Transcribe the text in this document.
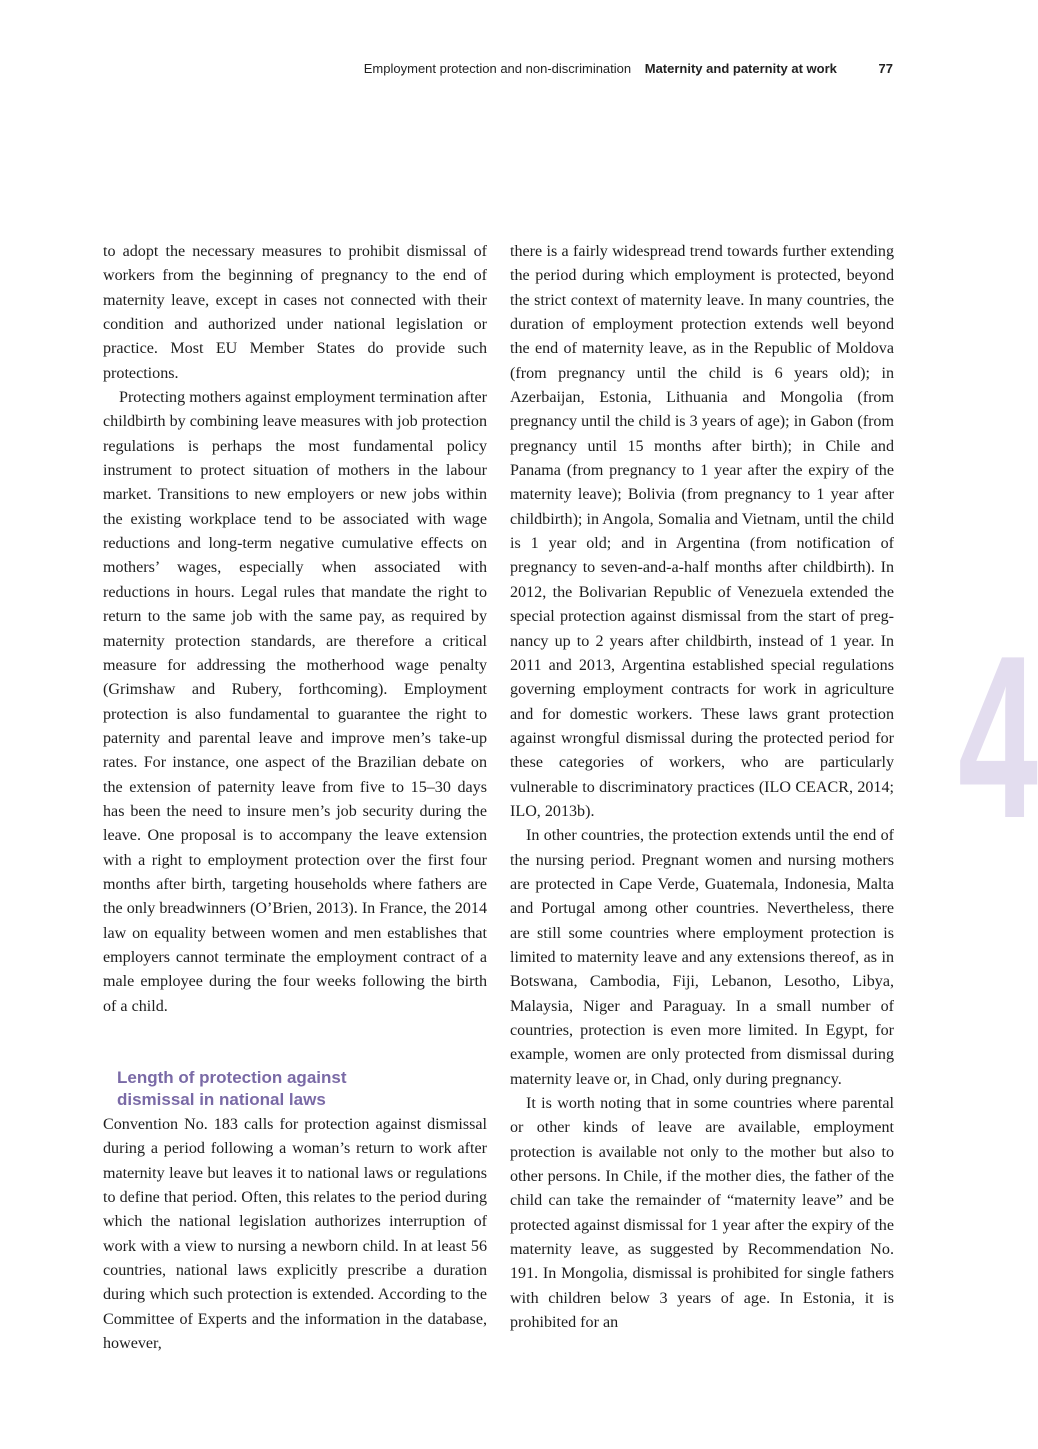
Employment protection and non-discrimination Maternity and paternity at work	77

to adopt the necessary measures to prohibit dismissal of workers from the beginning of pregnancy to the end of maternity leave, except in cases not connected with their condition and authorized under national legislation or practice. Most EU Member States do provide such protections.

Protecting mothers against employment termination after childbirth by combining leave measures with job protection regulations is perhaps the most fundamental policy instrument to protect situation of mothers in the labour market. Transitions to new employers or new jobs within the existing workplace tend to be associated with wage reductions and long-term negative cumulative effects on mothers’ wages, especially when associated with reductions in hours. Legal rules that mandate the right to return to the same job with the same pay, as required by maternity protection standards, are therefore a critical measure for addressing the motherhood wage penalty (Grimshaw and Rubery, forthcoming). Employment protection is also fundamental to guarantee the right to paternity and parental leave and improve men’s take-up rates. For instance, one aspect of the Brazilian debate on the extension of paternity leave from five to 15–30 days has been the need to insure men’s job security during the leave. One proposal is to accompany the leave extension with a right to employment protection over the first four months after birth, targeting households where fathers are the only breadwinners (O’Brien, 2013). In France, the 2014 law on equality between women and men establishes that employers cannot terminate the employment contract of a male employee during the four weeks following the birth of a child.

Length of protection against
dismissal in national laws

Convention No. 183 calls for protection against dismissal during a period following a woman’s return to work after maternity leave but leaves it to national laws or regulations to define that period. Often, this relates to the period during which the national legislation authorizes interruption of work with a view to nursing a newborn child. In at least 56 countries, national laws explicitly prescribe a duration during which such protection is extended. According to the Committee of Experts and the information in the database, however,

there is a fairly widespread trend towards further extending the period during which employment is protected, beyond the strict context of maternity leave. In many countries, the duration of employment protection extends well beyond the end of maternity leave, as in the Republic of Moldova (from pregnancy until the child is 6 years old); in Azerbaijan, Estonia, Lithuania and Mongolia (from pregnancy until the child is 3 years of age); in Gabon (from pregnancy until 15 months after birth); in Chile and Panama (from pregnancy to 1 year after the expiry of the maternity leave); Bolivia (from pregnancy to 1 year after childbirth); in Angola, Somalia and Vietnam, until the child is 1 year old; and in Argentina (from notification of pregnancy to seven-and-a-half months after childbirth). In 2012, the Bolivarian Republic of Venezuela extended the special protection against dismissal from the start of pregnancy up to 2 years after childbirth, instead of 1 year. In 2011 and 2013, Argentina established special regulations governing employment contracts for work in agriculture and for domestic workers. These laws grant protection against wrongful dismissal during the protected period for these categories of workers, who are particularly vulnerable to discriminatory practices (ILO CEACR, 2014; ILO, 2013b).

In other countries, the protection extends until the end of the nursing period. Pregnant women and nursing mothers are protected in Cape Verde, Guatemala, Indonesia, Malta and Portugal among other countries. Nevertheless, there are still some countries where employment protection is limited to maternity leave and any extensions thereof, as in Botswana, Cambodia, Fiji, Lebanon, Lesotho, Libya, Malaysia, Niger and Paraguay. In a small number of countries, protection is even more limited. In Egypt, for example, women are only protected from dismissal during maternity leave or, in Chad, only during pregnancy.

It is worth noting that in some countries where parental or other kinds of leave are available, employment protection is available not only to the mother but also to other persons. In Chile, if the mother dies, the father of the child can take the remainder of “maternity leave” and be protected against dismissal for 1 year after the expiry of the maternity leave, as suggested by Recommendation No. 191. In Mongolia, dismissal is prohibited for single fathers with children below 3 years of age. In Estonia, it is prohibited for an

4
